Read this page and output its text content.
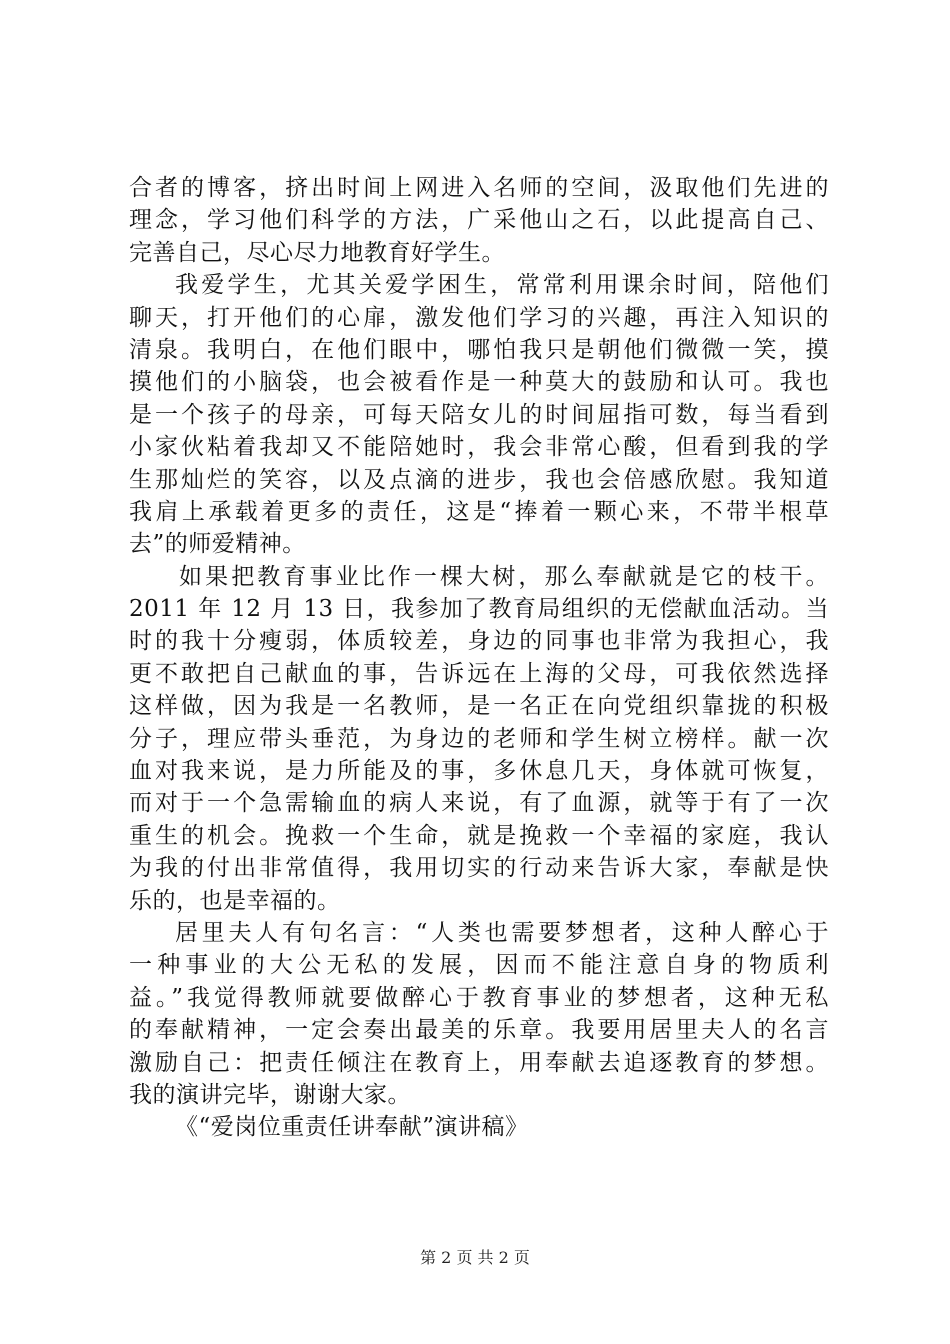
合者的博客，挤出时间上网进入名师的空间，汲取他们先进的
理念，学习他们科学的方法，广采他山之石，以此提高自己、
完善自己，尽心尽力地教育好学生。
我爱学生，尤其关爱学困生，常常利用课余时间，陪他们
聊天，打开他们的心扉，激发他们学习的兴趣，再注入知识的
清泉。我明白，在他们眼中，哪怕我只是朝他们微微一笑，摸
摸他们的小脑袋，也会被看作是一种莫大的鼓励和认可。我也
是一个孩子的母亲，可每天陪女儿的时间屈指可数，每当看到
小家伙粘着我却又不能陪她时，我会非常心酸，但看到我的学
生那灿烂的笑容，以及点滴的进步，我也会倍感欣慰。我知道
我肩上承载着更多的责任，这是“捧着一颗心来，不带半根草
去”的师爱精神。
如果把教育事业比作一棵大树，那么奉献就是它的枝干。
2011 年 12 月 13 日，我参加了教育局组织的无偿献血活动。当
时的我十分瘦弱，体质较差，身边的同事也非常为我担心，我
更不敢把自己献血的事，告诉远在上海的父母，可我依然选择
这样做，因为我是一名教师，是一名正在向党组织靠拢的积极
分子，理应带头垂范，为身边的老师和学生树立榜样。献一次
血对我来说，是力所能及的事，多休息几天，身体就可恢复，
而对于一个急需输血的病人来说，有了血源，就等于有了一次
重生的机会。挽救一个生命，就是挽救一个幸福的家庭，我认
为我的付出非常值得，我用切实的行动来告诉大家，奉献是快
乐的，也是幸福的。
居里夫人有句名言：“人类也需要梦想者，这种人醉心于
一种事业的大公无私的发展，因而不能注意自身的物质利
益。”我觉得教师就要做醉心于教育事业的梦想者，这种无私
的奉献精神，一定会奏出最美的乐章。我要用居里夫人的名言
激励自己：把责任倾注在教育上，用奉献去追逐教育的梦想。
我的演讲完毕，谢谢大家。
《“爱岗位重责任讲奉献”演讲稿》
第 2 页 共 2 页
